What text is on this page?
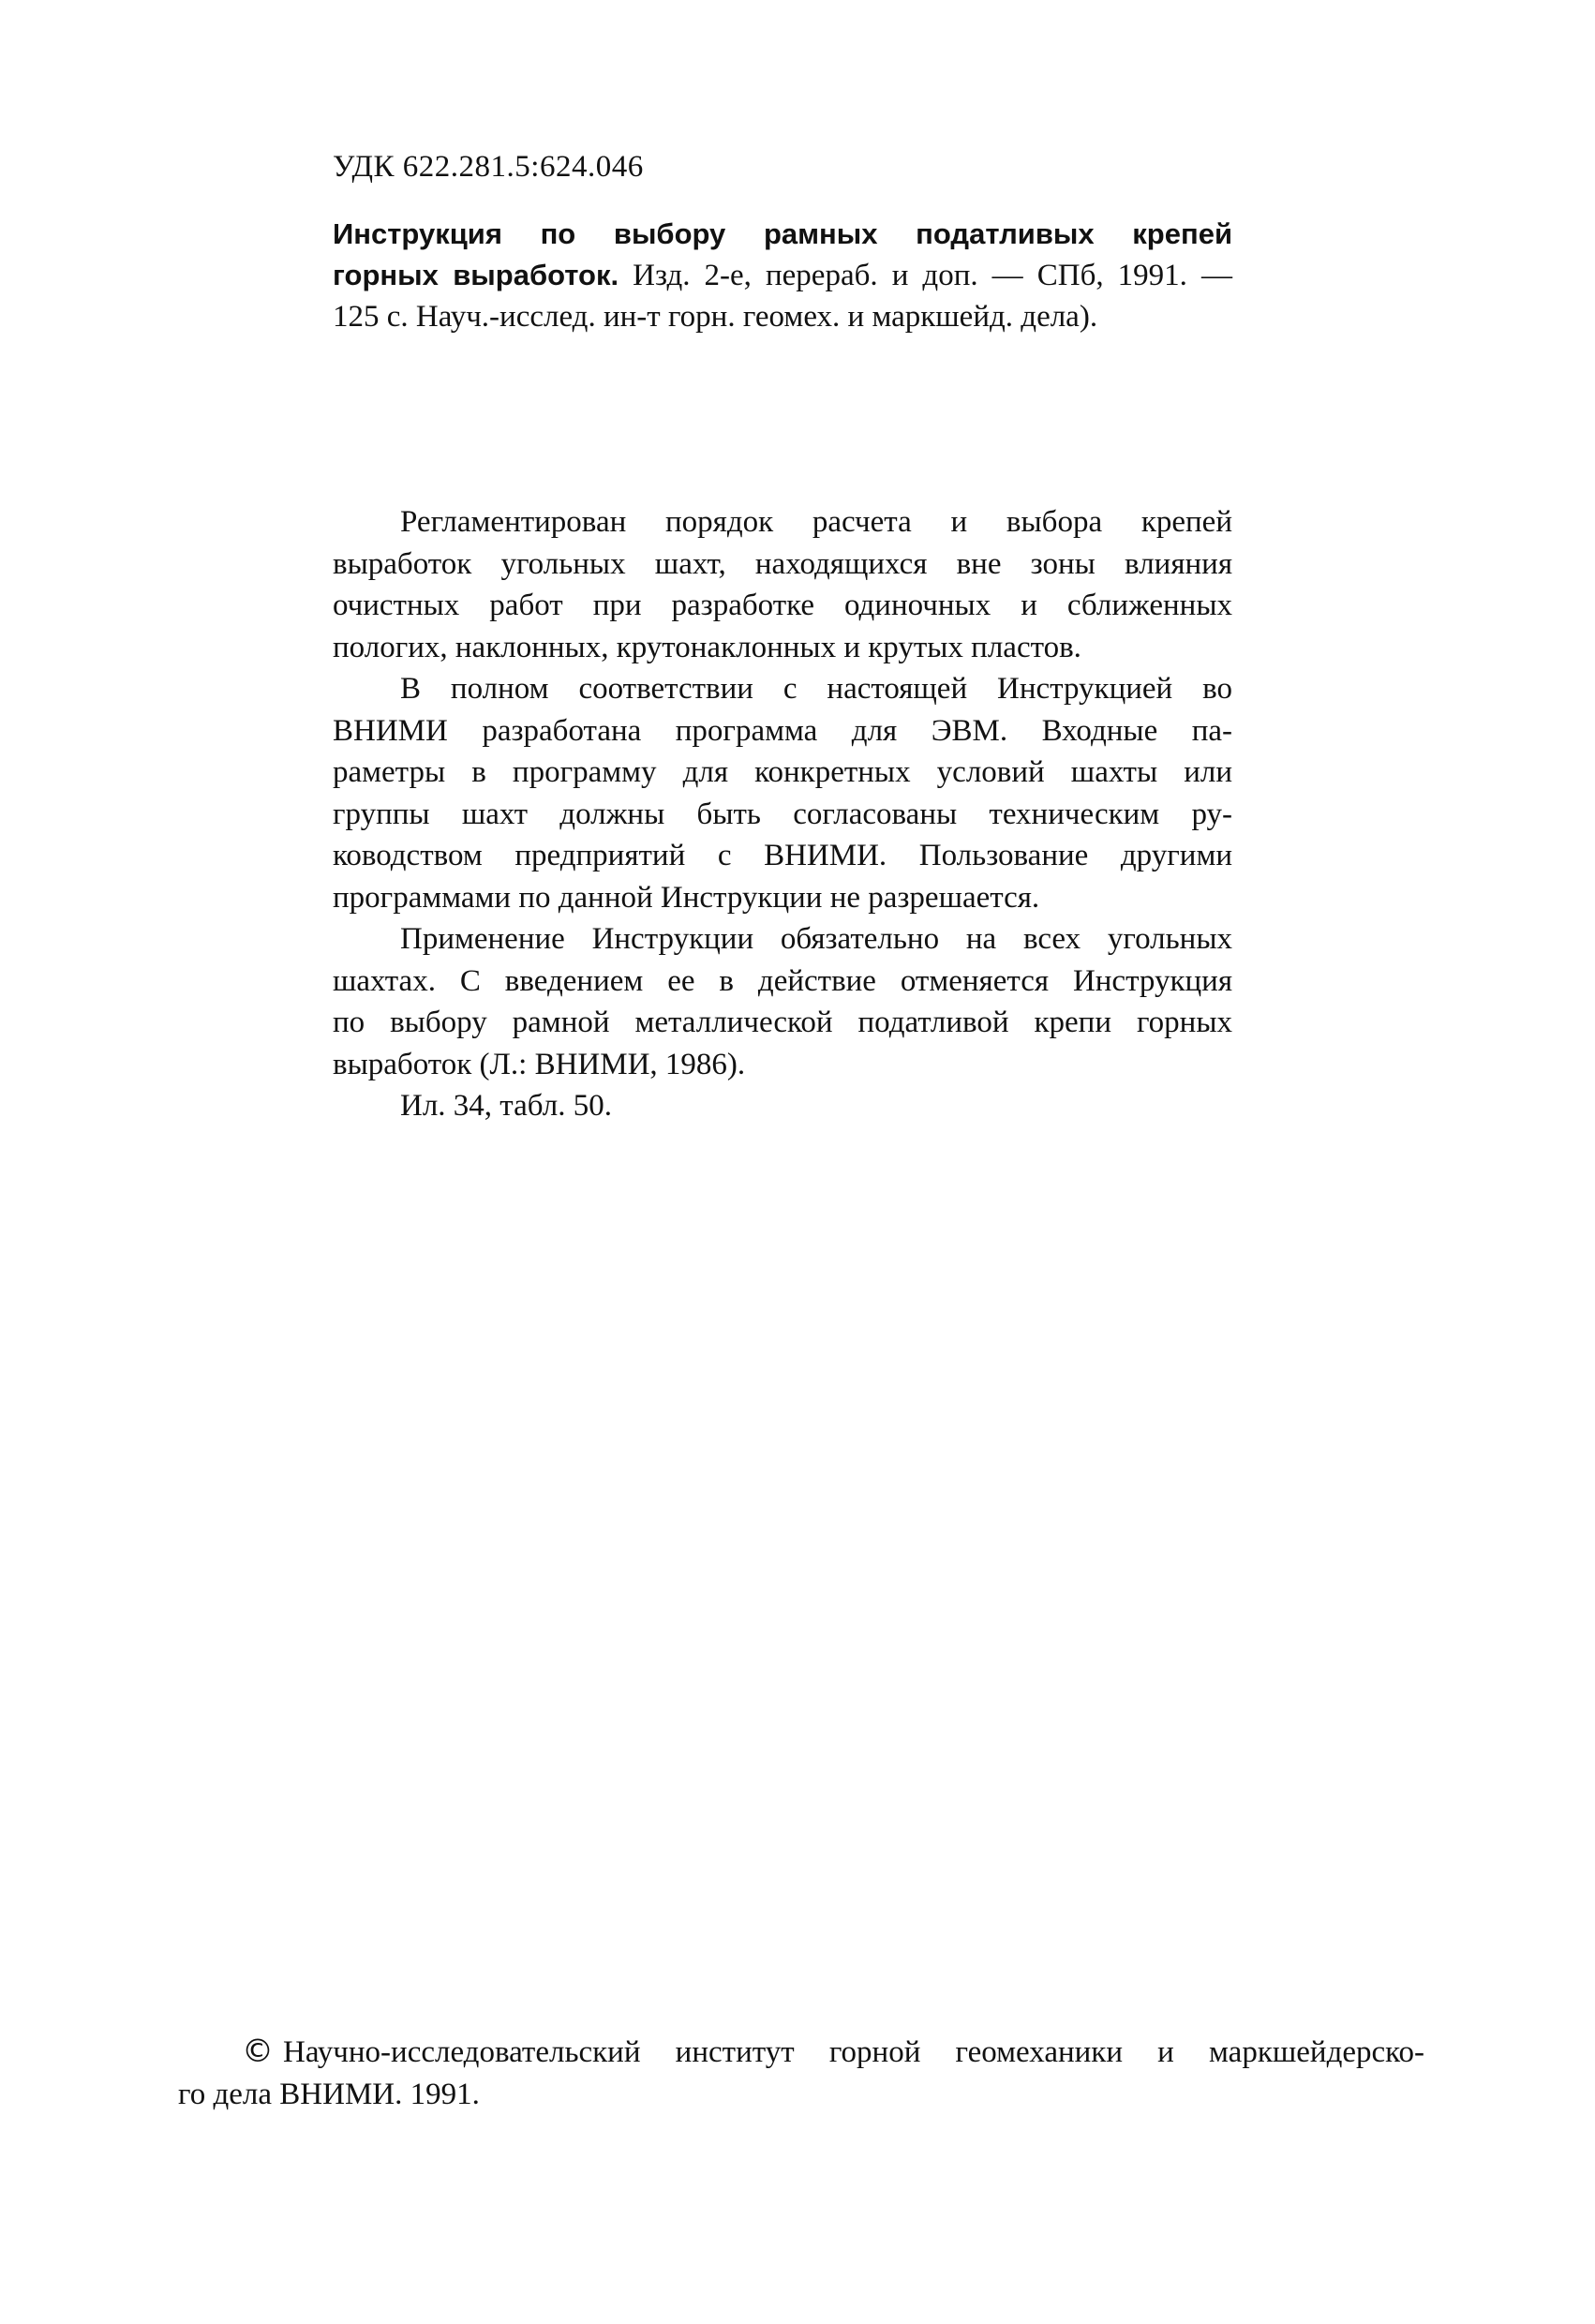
УДК 622.281.5:624.046
Инструкция по выбору рамных податливых крепей
горных выработок. Изд. 2-е, перераб. и доп. — СПб, 1991. —
125 с. Науч.-исслед. ин-т горн. геомех. и маркшейд. дела).

Регламентирован порядок расчета и выбора крепей
выработок угольных шахт, находящихся вне зоны влияния
очистных работ при разработке одиночных и сближенных
пологих, наклонных, крутонаклонных и крутых пластов.

В полном соответствии с настоящей Инструкцией во
ВНИМИ разработана программа для ЭВМ. Входные па-
раметры в программу для конкретных условий шахты или
группы шахт должны быть согласованы техническим ру-
ководством предприятий с ВНИМИ. Пользование другими
программами по данной Инструкции не разрешается.

Применение Инструкции обязательно на всех угольных
шахтах. С введением ее в действие отменяется Инструкция
по выбору рамной металлической податливой крепи горных
выработок (Л.: ВНИМИ, 1986).

Ил. 34, табл. 50.

© Научно-исследовательский институт горной геомеханики и маркшейдерско-
го дела ВНИМИ. 1991.
